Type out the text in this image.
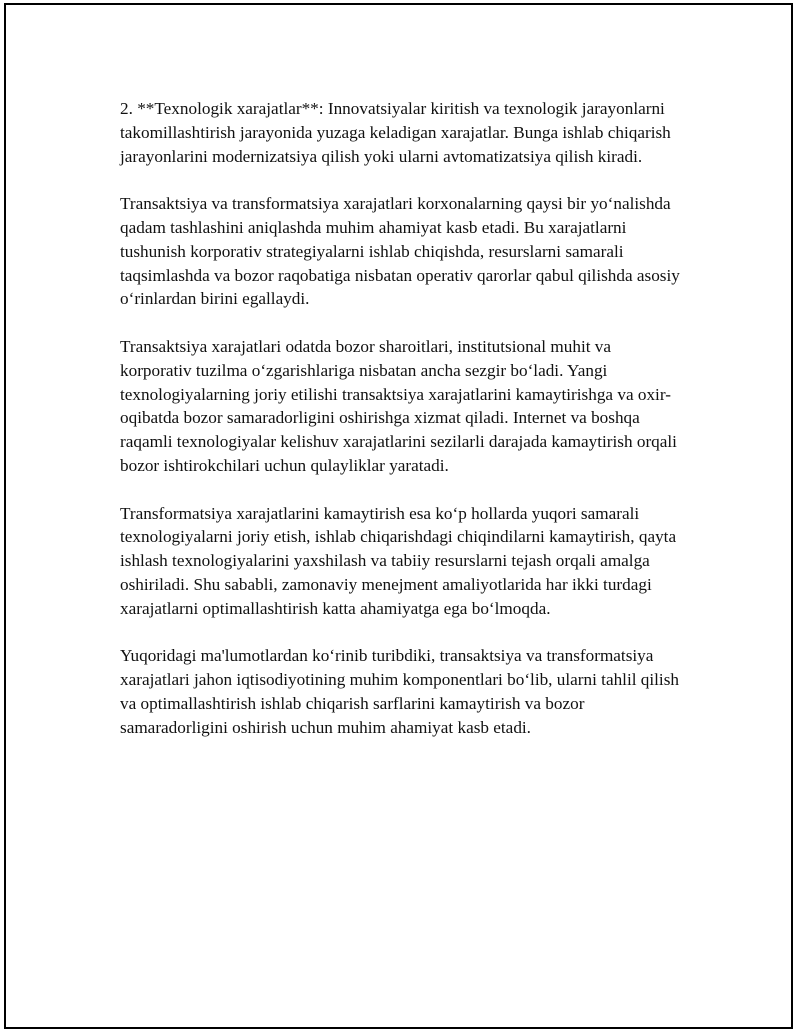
2. **Texnologik xarajatlar**: Innovatsiyalar kiritish va texnologik jarayonlarni takomillashtirish jarayonida yuzaga keladigan xarajatlar. Bunga ishlab chiqarish jarayonlarini modernizatsiya qilish yoki ularni avtomatizatsiya qilish kiradi.

Transaktsiya va transformatsiya xarajatlari korxonalarning qaysi bir yo‘nalishda qadam tashlashini aniqlashda muhim ahamiyat kasb etadi. Bu xarajatlarni tushunish korporativ strategiyalarni ishlab chiqishda, resurslarni samarali taqsimlashda va bozor raqobatiga nisbatan operativ qarorlar qabul qilishda asosiy o‘rinlardan birini egallaydi.

Transaktsiya xarajatlari odatda bozor sharoitlari, institutsional muhit va korporativ tuzilma o‘zgarishlariga nisbatan ancha sezgir bo‘ladi. Yangi texnologiyalarning joriy etilishi transaktsiya xarajatlarini kamaytirishga va oxir-oqibatda bozor samaradorligini oshirishga xizmat qiladi. Internet va boshqa raqamli texnologiyalar kelishuv xarajatlarini sezilarli darajada kamaytirish orqali bozor ishtirokchilari uchun qulayliklar yaratadi.

Transformatsiya xarajatlarini kamaytirish esa ko‘p hollarda yuqori samarali texnologiyalarni joriy etish, ishlab chiqarishdagi chiqindilarni kamaytirish, qayta ishlash texnologiyalarini yaxshilash va tabiiy resurslarni tejash orqali amalga oshiriladi. Shu sababli, zamonaviy menejment amaliyotlarida har ikki turdagi xarajatlarni optimallashtirish katta ahamiyatga ega bo‘lmoqda.

Yuqoridagi ma'lumotlardan ko‘rinib turibdiki, transaktsiya va transformatsiya xarajatlari jahon iqtisodiyotining muhim komponentlari bo‘lib, ularni tahlil qilish va optimallashtirish ishlab chiqarish sarflarini kamaytirish va bozor samaradorligini oshirish uchun muhim ahamiyat kasb etadi.
